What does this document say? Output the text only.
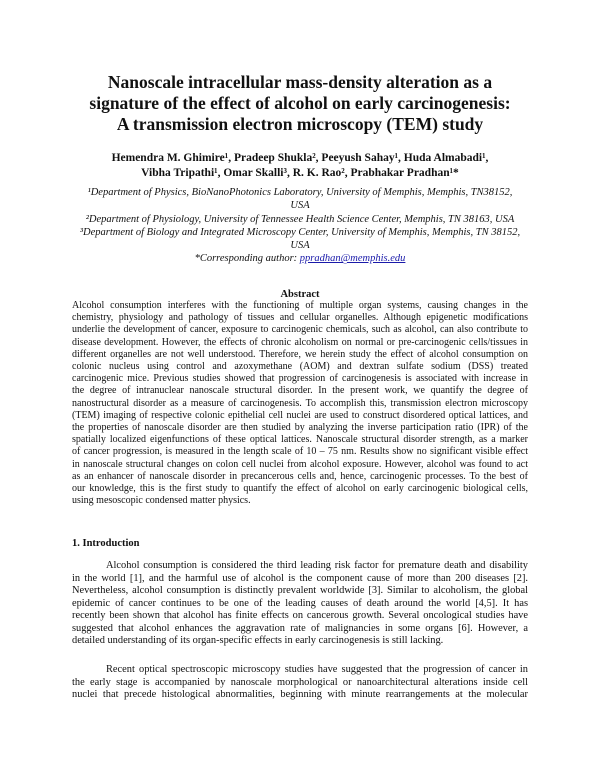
Nanoscale intracellular mass-density alteration as a
signature of the effect of alcohol on early carcinogenesis:
A transmission electron microscopy (TEM) study
Hemendra M. Ghimire¹, Pradeep Shukla², Peeyush Sahay¹, Huda Almabadi¹,
Vibha Tripathi¹, Omar Skalli³, R. K. Rao², Prabhakar Pradhan¹*
¹Department of Physics, BioNanoPhotonics Laboratory, University of Memphis, Memphis, TN38152,
USA
²Department of Physiology, University of Tennessee Health Science Center, Memphis, TN 38163, USA
³Department of Biology and Integrated Microscopy Center, University of Memphis, Memphis, TN 38152,
USA
*Corresponding author: ppradhan@memphis.edu
Abstract
Alcohol consumption interferes with the functioning of multiple organ systems, causing changes in the
chemistry, physiology and pathology of tissues and cellular organelles. Although epigenetic modifications
underlie the development of cancer, exposure to carcinogenic chemicals, such as alcohol, can also contribute to
disease development. However, the effects of chronic alcoholism on normal or pre-carcinogenic cells/tissues in
different organelles are not well understood. Therefore, we herein study the effect of alcohol consumption on
colonic nucleus using control and azoxymethane (AOM) and dextran sulfate sodium (DSS) treated
carcinogenic mice. Previous studies showed that progression of carcinogenesis is associated with increase in
the degree of intranuclear nanoscale structural disorder. In the present work, we quantify the degree of
nanostructural disorder as a measure of carcinogenesis. To accomplish this, transmission electron microscopy
(TEM) imaging of respective colonic epithelial cell nuclei are used to construct disordered optical lattices, and
the properties of nanoscale disorder are then studied by analyzing the inverse participation ratio (IPR) of the
spatially localized eigenfunctions of these optical lattices. Nanoscale structural disorder strength, as a marker
of cancer progression, is measured in the length scale of 10 – 75 nm. Results show no significant visible effect
in nanoscale structural changes on colon cell nuclei from alcohol exposure. However, alcohol was found to act
as an enhancer of nanoscale disorder in precancerous cells and, hence, carcinogenic processes. To the best of
our knowledge, this is the first study to quantify the effect of alcohol on early carcinogenic biological cells,
using mesoscopic condensed matter physics.
1. Introduction
Alcohol consumption is considered the third leading risk factor for premature death and disability
in the world [1], and the harmful use of alcohol is the component cause of more than 200 diseases [2].
Nevertheless, alcohol consumption is distinctly prevalent worldwide [3]. Similar to alcoholism, the global
epidemic of cancer continues to be one of the leading causes of death around the world [4,5]. It has
recently been shown that alcohol has finite effects on cancerous growth. Several oncological studies have
suggested that alcohol enhances the aggravation rate of malignancies in some organs [6]. However, a
detailed understanding of its organ-specific effects in early carcinogenesis is still lacking.
Recent optical spectroscopic microscopy studies have suggested that the progression of cancer in
the early stage is accompanied by nanoscale morphological or nanoarchitectural alterations inside cell
nuclei that precede histological abnormalities, beginning with minute rearrangements at the molecular
